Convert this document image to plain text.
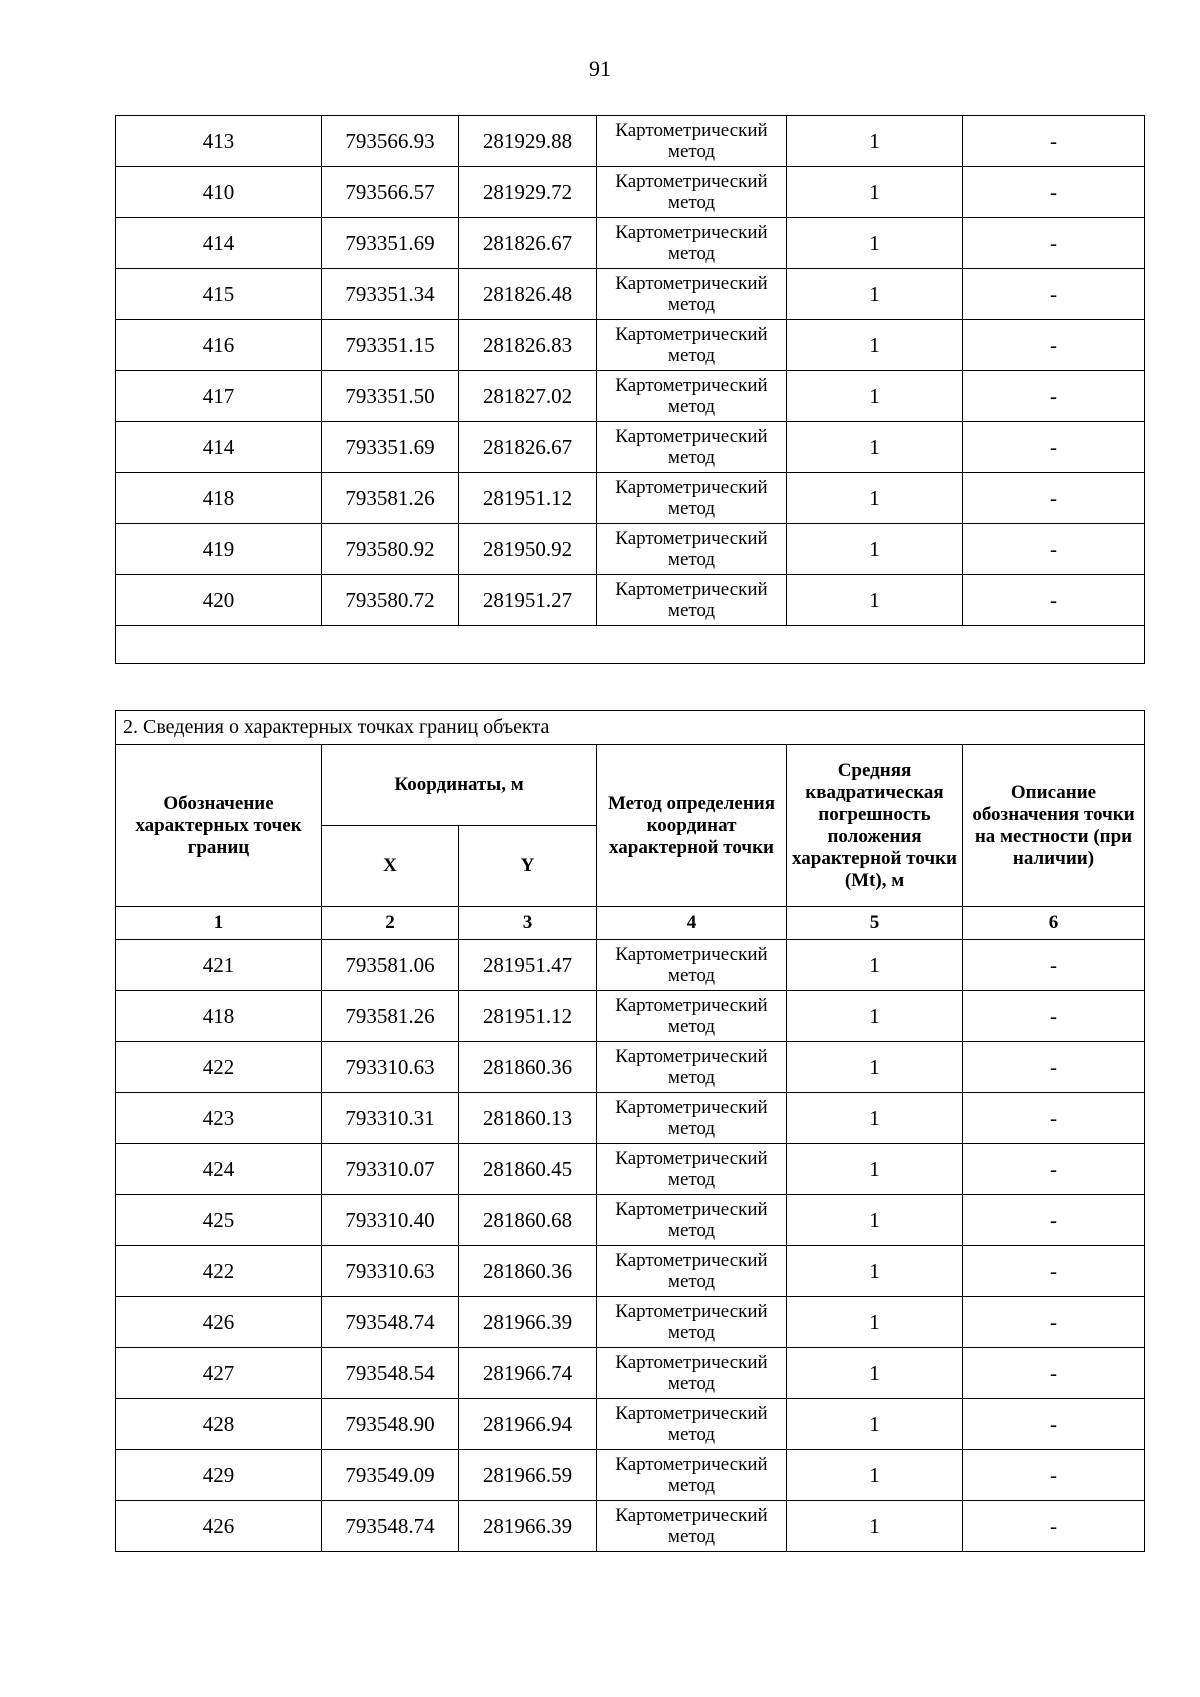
91
413	793566.93	281929.88	Картометрический метод	1	-
410	793566.57	281929.72	Картометрический метод	1	-
414	793351.69	281826.67	Картометрический метод	1	-
415	793351.34	281826.48	Картометрический метод	1	-
416	793351.15	281826.83	Картометрический метод	1	-
417	793351.50	281827.02	Картометрический метод	1	-
414	793351.69	281826.67	Картометрический метод	1	-
418	793581.26	281951.12	Картометрический метод	1	-
419	793580.92	281950.92	Картометрический метод	1	-
420	793580.72	281951.27	Картометрический метод	1	-

2. Сведения о характерных точках границ объекта					
Обозначение характерных точек границ	Координаты, м		Метод определения координат характерной точки	Средняя квадратическая погрешность положения характерной точки (Mt), м	Описание обозначения точки на местности (при наличии)
	X	Y			
1	2	3	4	5	6
421	793581.06	281951.47	Картометрический метод	1	-
418	793581.26	281951.12	Картометрический метод	1	-
422	793310.63	281860.36	Картометрический метод	1	-
423	793310.31	281860.13	Картометрический метод	1	-
424	793310.07	281860.45	Картометрический метод	1	-
425	793310.40	281860.68	Картометрический метод	1	-
422	793310.63	281860.36	Картометрический метод	1	-
426	793548.74	281966.39	Картометрический метод	1	-
427	793548.54	281966.74	Картометрический метод	1	-
428	793548.90	281966.94	Картометрический метод	1	-
429	793549.09	281966.59	Картометрический метод	1	-
426	793548.74	281966.39	Картометрический метод	1	-
